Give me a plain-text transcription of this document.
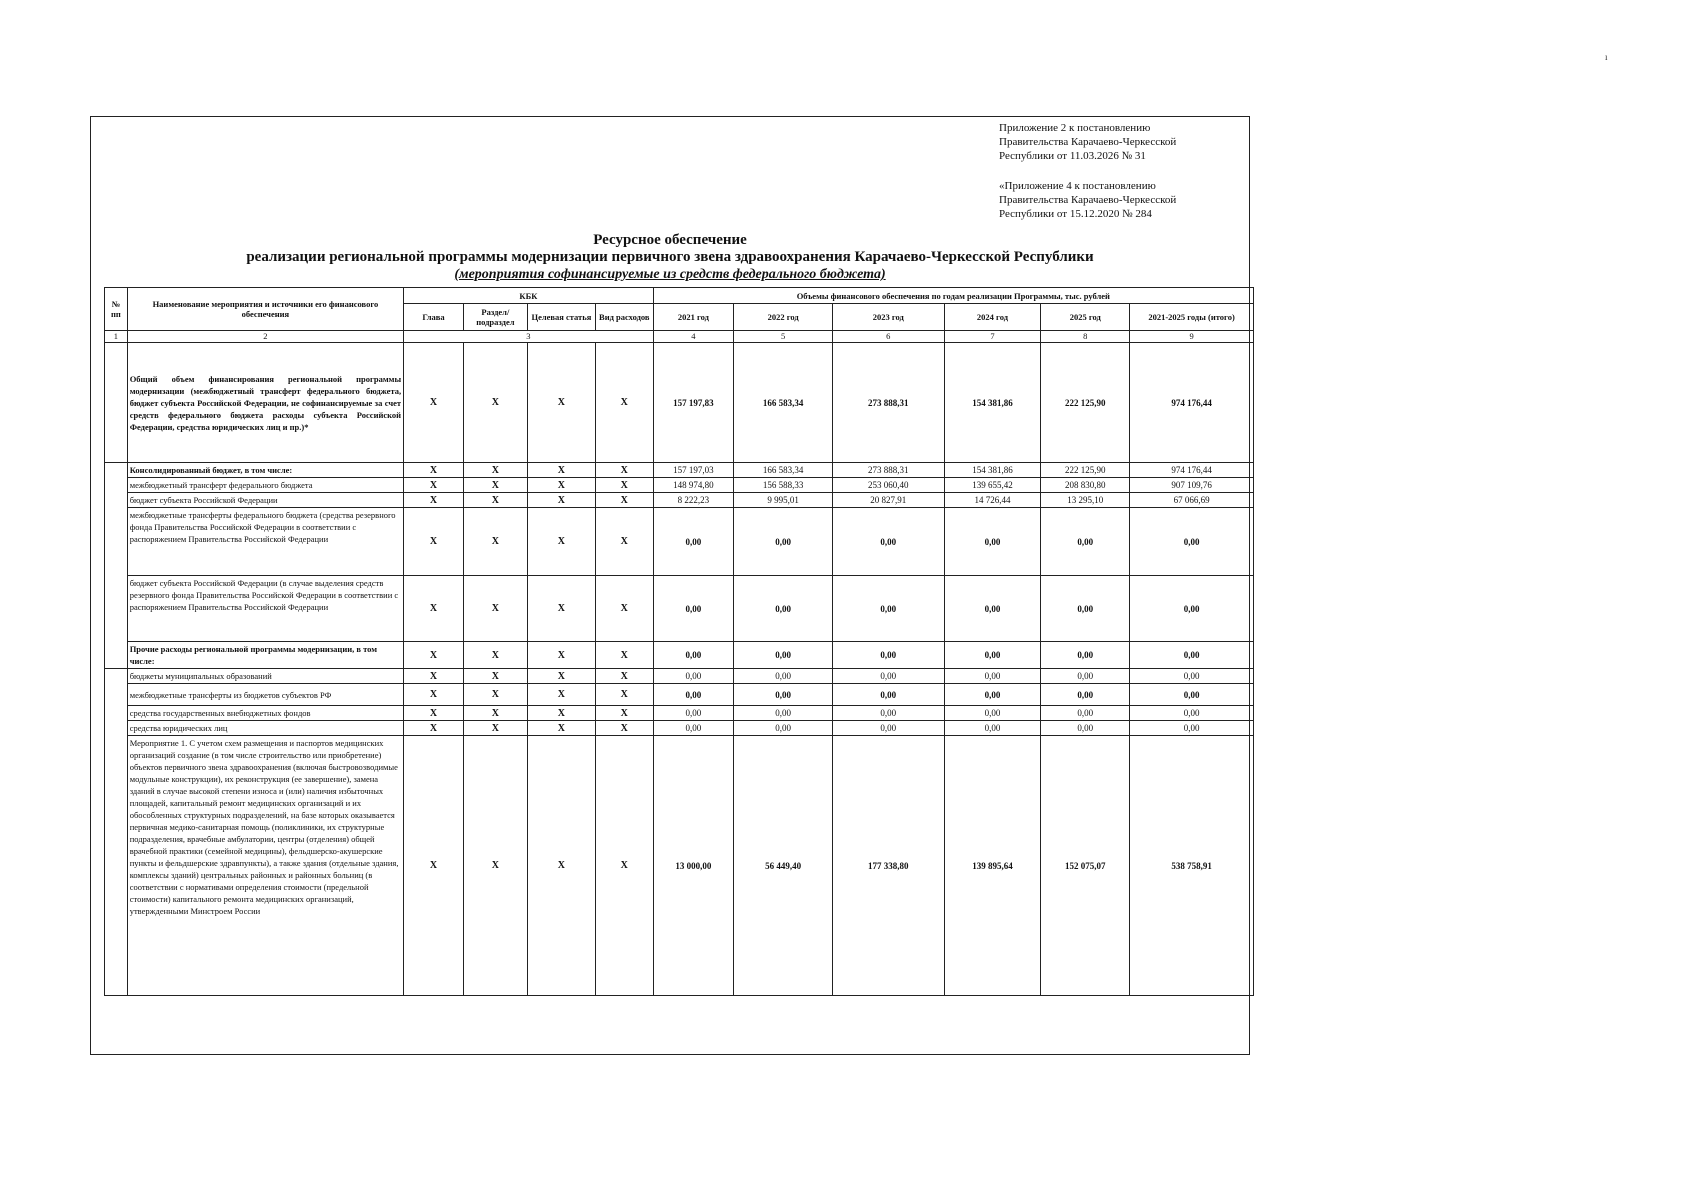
ı
Приложение 2 к постановлению
Правительства Карачаево-Черкесской
Республики от 11.03.2026 № 31
«Приложение 4 к постановлению
Правительства Карачаево-Черкесской
Республики от 15.12.2020 № 284
Ресурсное обеспечение
реализации региональной программы модернизации первичного звена здравоохранения Карачаево-Черкесской Республики
(мероприятия софинансируемые из средств федерального бюджета)
№ пп	Наименование мероприятия и источники его финансового обеспечения	КБК				Объемы финансового обеспечения по годам реализации Программы, тыс. рублей					
		Глава	Раздел/ подраздел	Целевая статья	Вид расходов	2021 год	2022 год	2023 год	2024 год	2025 год	2021-2025 годы (итого)
1	2	3				4	5	6	7	8	9
	Общий объем финансирования региональной программы модернизации (межбюджетный трансферт федерального бюджета, бюджет субъекта Российской Федерации, не софинансируемые за счет средств федерального бюджета расходы субъекта Российской Федерации, средства юридических лиц и пр.)*	X	X	X	X	157 197,83	166 583,34	273 888,31	154 381,86	222 125,90	974 176,44
	Консолидированный бюджет, в том числе:	X	X	X	X	157 197,03	166 583,34	273 888,31	154 381,86	222 125,90	974 176,44
	межбюджетный трансферт федерального бюджета	X	X	X	X	148 974,80	156 588,33	253 060,40	139 655,42	208 830,80	907 109,76
	бюджет субъекта Российской Федерации	X	X	X	X	8 222,23	9 995,01	20 827,91	14 726,44	13 295,10	67 066,69
	межбюджетные трансферты федерального бюджета (средства резервного фонда Правительства Российской Федерации в соответствии с распоряжением Правительства Российской Федерации	X	X	X	X	0,00	0,00	0,00	0,00	0,00	0,00
	бюджет субъекта Российской Федерации (в случае выделения средств резервного фонда Правительства Российской Федерации в соответствии с распоряжением Правительства Российской Федерации	X	X	X	X	0,00	0,00	0,00	0,00	0,00	0,00
	Прочие расходы региональной программы модернизации, в том числе:	X	X	X	X	0,00	0,00	0,00	0,00	0,00	0,00
	бюджеты муниципальных образований	X	X	X	X	0,00	0,00	0,00	0,00	0,00	0,00
	межбюджетные трансферты из бюджетов субъектов РФ	X	X	X	X	0,00	0,00	0,00	0,00	0,00	0,00
	средства государственных внебюджетных фондов	X	X	X	X	0,00	0,00	0,00	0,00	0,00	0,00
	средства юридических лиц	X	X	X	X	0,00	0,00	0,00	0,00	0,00	0,00
	Мероприятие 1. С учетом схем размещения и паспортов медицинских организаций создание (в том числе строительство или приобретение) объектов первичного звена здравоохранения (включая быстровозводимые модульные конструкции), их реконструкция (ее завершение), замена зданий в случае высокой степени износа и (или) наличия избыточных площадей, капитальный ремонт медицинских организаций и их обособленных структурных подразделений, на базе которых оказывается первичная медико-санитарная помощь (поликлиники, их структурные подразделения, врачебные амбулатории, центры (отделения) общей врачебной практики (семейной медицины), фельдшерско-акушерские пункты и фельдшерские здравпункты), а также здания (отдельные здания, комплексы зданий) центральных районных и районных больниц (в соответствии с нормативами определения стоимости (предельной стоимости) капитального ремонта медицинских организаций, утвержденными Минстроем России	X	X	X	X	13 000,00	56 449,40	177 338,80	139 895,64	152 075,07	538 758,91
